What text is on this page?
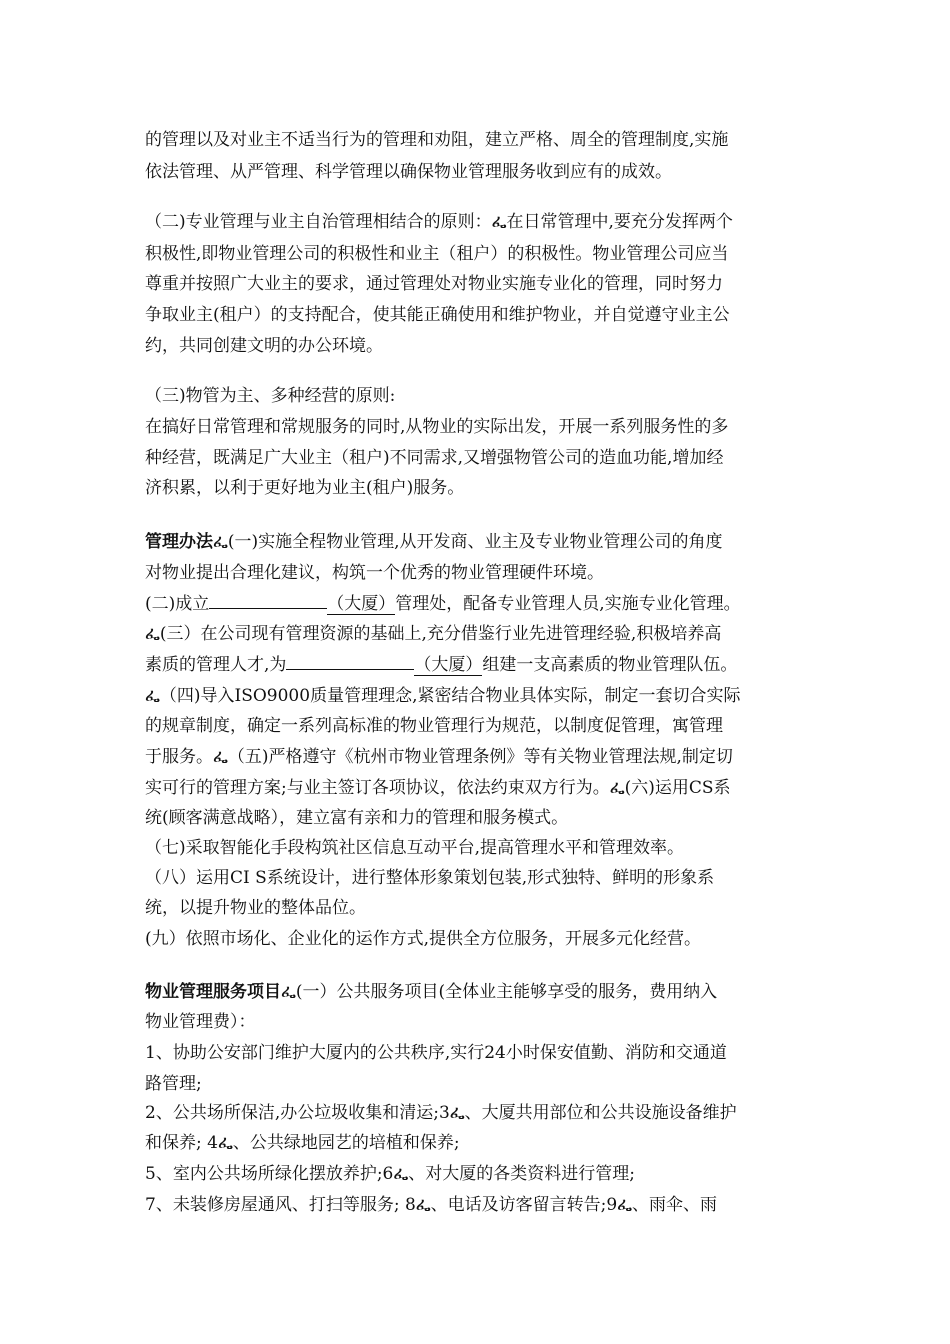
的管理以及对业主不适当行为的管理和劝阻，建立严格、周全的管理制度,实施
依法管理、从严管理、科学管理以确保物业管理服务收到应有的成效。
（二)专业管理与业主自治管理相结合的原则：ፌ在日常管理中,要充分发挥两个
积极性,即物业管理公司的积极性和业主（租户）的积极性。物业管理公司应当
尊重并按照广大业主的要求，通过管理处对物业实施专业化的管理，同时努力
争取业主(租户）的支持配合，使其能正确使用和维护物业，并自觉遵守业主公
约，共同创建文明的办公环境。
（三)物管为主、多种经营的原则:
在搞好日常管理和常规服务的同时,从物业的实际出发，开展一系列服务性的多
种经营，既满足广大业主（租户)不同需求,又增强物管公司的造血功能,增加经
济积累，以利于更好地为业主(租户)服务。
管理办法ፌ(一)实施全程物业管理,从开发商、业主及专业物业管理公司的角度
对物业提出合理化建议，构筑一个优秀的物业管理硬件环境。
(二)成立	（大厦）管理处，配备专业管理人员,实施专业化管理。
ፌ(三）在公司现有管理资源的基础上,充分借鉴行业先进管理经验,积极培养高
素质的管理人才,为	（大厦）组建一支高素质的物业管理队伍。
ፌ（四)导入ISO9000质量管理理念,紧密结合物业具体实际，制定一套切合实际
的规章制度，确定一系列高标准的物业管理行为规范，以制度促管理，寓管理
于服务。ፌ（五)严格遵守《杭州市物业管理条例》等有关物业管理法规,制定切
实可行的管理方案;与业主签订各项协议，依法约束双方行为。ፌ(六)运用CS系
统(顾客满意战略），建立富有亲和力的管理和服务模式。
（七)采取智能化手段构筑社区信息互动平台,提高管理水平和管理效率。
（八）运用CI S系统设计，进行整体形象策划包装,形式独特、鲜明的形象系
统，以提升物业的整体品位。
(九）依照市场化、企业化的运作方式,提供全方位服务，开展多元化经营。
物业管理服务项目ፌ(一）公共服务项目(全体业主能够享受的服务，费用纳入
物业管理费）：
1、协助公安部门维护大厦内的公共秩序,实行24小时保安值勤、消防和交通道
路管理;
2、公共场所保洁,办公垃圾收集和清运;3ፌ、大厦共用部位和公共设施设备维护
和保养; 4ፌ、公共绿地园艺的培植和保养;
5、室内公共场所绿化摆放养护;6ፌ、对大厦的各类资料进行管理;
7、未装修房屋通风、打扫等服务; 8ፌ、电话及访客留言转告;9ፌ、雨伞、雨
